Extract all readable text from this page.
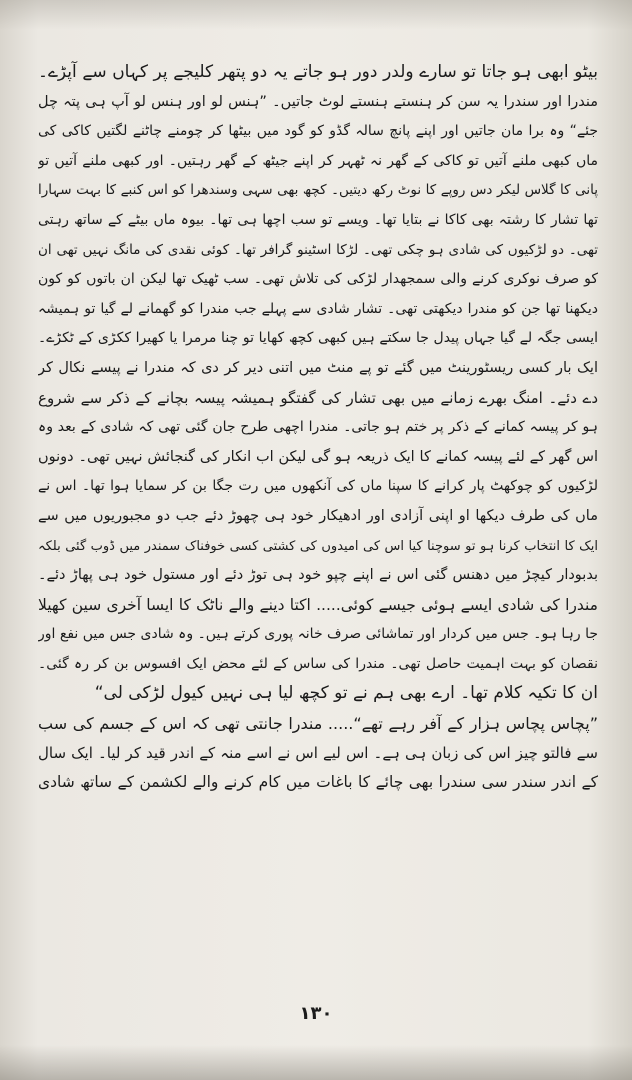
بیٹو ابھی ہو جاتا تو سارے ولدر دور ہو جاتے یہ دو پتھر کلیجے پر کہاں سے آپڑے۔
مندرا اور سندرا یہ سن کر ہنستے ہنستے لوٹ جاتیں۔ ”ہنس لو اور ہنس لو آپ ہی پتہ چل
جئے“ وہ برا مان جاتیں اور اپنے پانچ سالہ گڈو کو گود میں بیٹھا کر چومنے چاٹنے لگتیں کاکی کی
ماں کبھی ملنے آتیں تو کاکی کے گھر نہ ٹھہر کر اپنے جیٹھ کے گھر رہتیں۔ اور کبھی ملنے آتیں تو
پانی کا گلاس لیکر دس روپے کا نوٹ رکھ دیتیں۔ کچھ بھی سہی وسندھرا کو اس کنبے کا بہت سہارا
تھا تشار کا رشتہ بھی کاکا نے بتایا تھا۔ ویسے تو سب اچھا ہی تھا۔ بیوہ ماں بیٹے کے ساتھ رہتی
تھی۔ دو لڑکیوں کی شادی ہو چکی تھی۔ لڑکا اسٹینو گرافر تھا۔ کوئی نقدی کی مانگ نہیں تھی ان
کو صرف نوکری کرنے والی سمجھدار لڑکی کی تلاش تھی۔ سب ٹھیک تھا لیکن ان باتوں کو کون
دیکھنا تھا جن کو مندرا دیکھتی تھی۔ تشار شادی سے پہلے جب مندرا کو گھمانے لے گیا تو ہمیشہ
ایسی جگہ لے گیا جہاں پیدل جا سکتے ہیں کبھی کچھ کھایا تو چنا مرمرا یا کھیرا ککڑی کے ٹکڑے۔
ایک بار کسی ریسٹورینٹ میں گئے تو پے منٹ میں اتنی دیر کر دی کہ مندرا نے پیسے نکال کر
دے دئے۔ امنگ بھرے زمانے میں بھی تشار کی گفتگو ہمیشہ پیسہ بچانے کے ذکر سے شروع
ہو کر پیسہ کمانے کے ذکر پر ختم ہو جاتی۔ مندرا اچھی طرح جان گئی تھی کہ شادی کے بعد وہ
اس گھر کے لئے پیسہ کمانے کا ایک ذریعہ ہو گی لیکن اب انکار کی گنجائش نہیں تھی۔ دونوں
لڑکیوں کو چوکھٹ پار کرانے کا سپنا ماں کی آنکھوں میں رت جگا بن کر سمایا ہوا تھا۔ اس نے
ماں کی طرف دیکھا او اپنی آزادی اور ادھیکار خود ہی چھوڑ دئے جب دو مجبوریوں میں سے
ایک کا انتخاب کرنا ہو تو سوچنا کیا اس کی امیدوں کی کشتی کسی خوفناک سمندر میں ڈوب گئی بلکہ
بدبودار کیچڑ میں دھنس گئی اس نے اپنے چپو خود ہی توڑ دئے اور مستول خود ہی پھاڑ دئے۔
مندرا کی شادی ایسے ہوئی جیسے کوئی..... اکتا دینے والے ناٹک کا ایسا آخری سین کھیلا
جا رہا ہو۔ جس میں کردار اور تماشائی صرف خانہ پوری کرتے ہیں۔ وہ شادی جس میں نفع اور
نقصان کو بہت اہمیت حاصل تھی۔ مندرا کی ساس کے لئے محض ایک افسوس بن کر رہ گئی۔
ان کا تکیہ کلام تھا۔ ارے بھی ہم نے تو کچھ لیا ہی نہیں کیول لڑکی لی“
”پچاس پچاس ہزار کے آفر رہے تھے“..... مندرا جانتی تھی کہ اس کے جسم کی سب
سے فالتو چیز اس کی زبان ہی ہے۔ اس لیے اس نے اسے منہ کے اندر قید کر لیا۔ ایک سال
کے اندر سندر سی سندرا بھی چائے کا باغات میں کام کرنے والے لکشمن کے ساتھ شادی
۱۳۰
